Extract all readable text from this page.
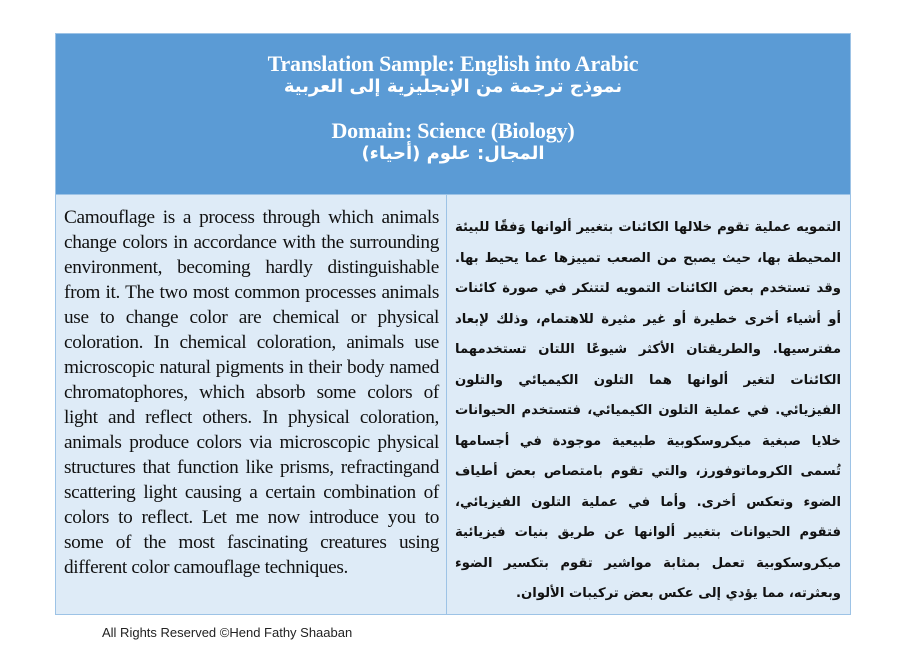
Translation Sample: English into Arabic
نموذج ترجمة من الإنجليزية إلى العربية
Domain: Science (Biology)
المجال: علوم (أحياء)
Camouflage is a process through which animals change colors in accordance with the surrounding environment, becoming hardly distinguishable from it. The two most common processes animals use to change color are chemical or physical coloration. In chemical coloration, animals use microscopic natural pigments in their body named chromatophores, which absorb some colors of light and reflect others. In physical coloration, animals produce colors via microscopic physical structures that function like prisms, refractingand scattering light causing a certain combination of colors to reflect. Let me now introduce you to some of the most fascinating creatures using different color camouflage techniques.
التمويه عملية تقوم خلالها الكائنات بتغيير ألوانها وَفقًا للبيئة المحيطة بها، حيث يصبح من الصعب تمييزها عما يحيط بها. وقد تستخدم بعض الكائنات التمويه لتتنكر في صورة كائنات أو أشياء أخرى خطيرة أو غير مثيرة للاهتمام، وذلك لإبعاد مفترسيها. والطريقتان الأكثر شيوعًا اللتان تستخدمهما الكائنات لتغير ألوانها هما التلون الكيميائي والتلون الفيزيائي. في عملية التلون الكيميائي، فتستخدم الحيوانات خلايا صبغية ميكروسكوبية طبيعية موجودة في أجسامها تُسمى الكروماتوفورز، والتي تقوم بامتصاص بعض أطياف الضوء وتعكس أخرى. وأما في عملية التلون الفيزيائي، فتقوم الحيوانات بتغيير ألوانها عن طريق بنيات فيزيائية ميكروسكوبية تعمل بمثابة مواشير تقوم بتكسير الضوء وبعثرته، مما يؤدي إلى عكس بعض تركيبات الألوان.
All Rights Reserved ©Hend Fathy Shaaban
